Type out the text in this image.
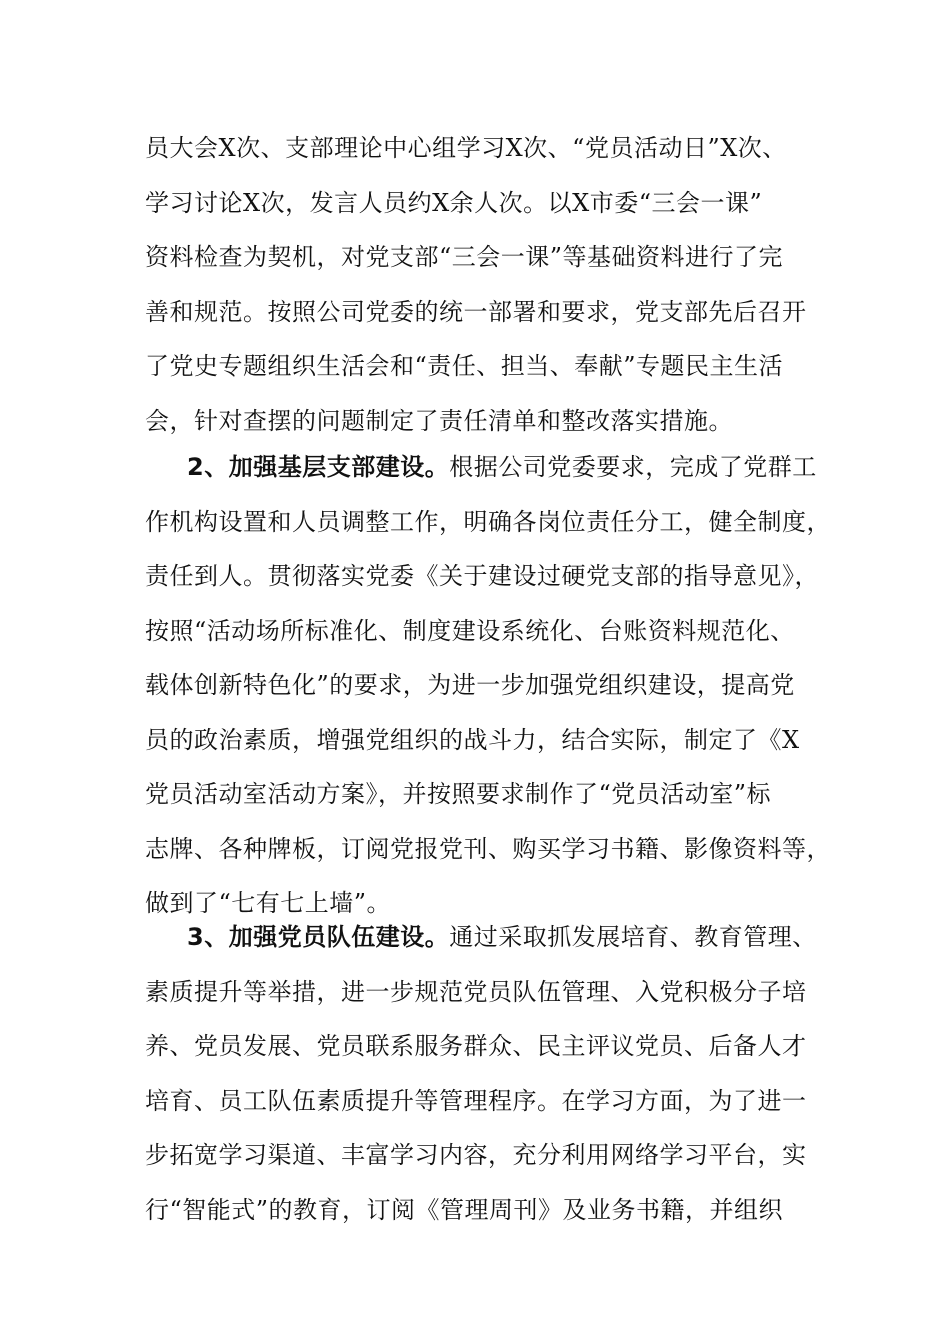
员大会X次、支部理论中心组学习X次、“党员活动日”X次、
学习讨论X次，发言人员约X余人次。以X市委“三会一课”
资料检查为契机，对党支部“三会一课”等基础资料进行了完
善和规范。按照公司党委的统一部署和要求，党支部先后召开
了党史专题组织生活会和“责任、担当、奉献”专题民主生活
会，针对查摆的问题制定了责任清单和整改落实措施。
2、加强基层支部建设。根据公司党委要求，完成了党群工
作机构设置和人员调整工作，明确各岗位责任分工，健全制度，
责任到人。贯彻落实党委《关于建设过硬党支部的指导意见》，
按照“活动场所标准化、制度建设系统化、台账资料规范化、
载体创新特色化”的要求，为进一步加强党组织建设，提高党
员的政治素质，增强党组织的战斗力，结合实际，制定了《X
党员活动室活动方案》，并按照要求制作了“党员活动室”标
志牌、各种牌板，订阅党报党刊、购买学习书籍、影像资料等，
做到了“七有七上墙”。
3、加强党员队伍建设。通过采取抓发展培育、教育管理、
素质提升等举措，进一步规范党员队伍管理、入党积极分子培
养、党员发展、党员联系服务群众、民主评议党员、后备人才
培育、员工队伍素质提升等管理程序。在学习方面，为了进一
步拓宽学习渠道、丰富学习内容，充分利用网络学习平台，实
行“智能式”的教育，订阅《管理周刊》及业务书籍，并组织
